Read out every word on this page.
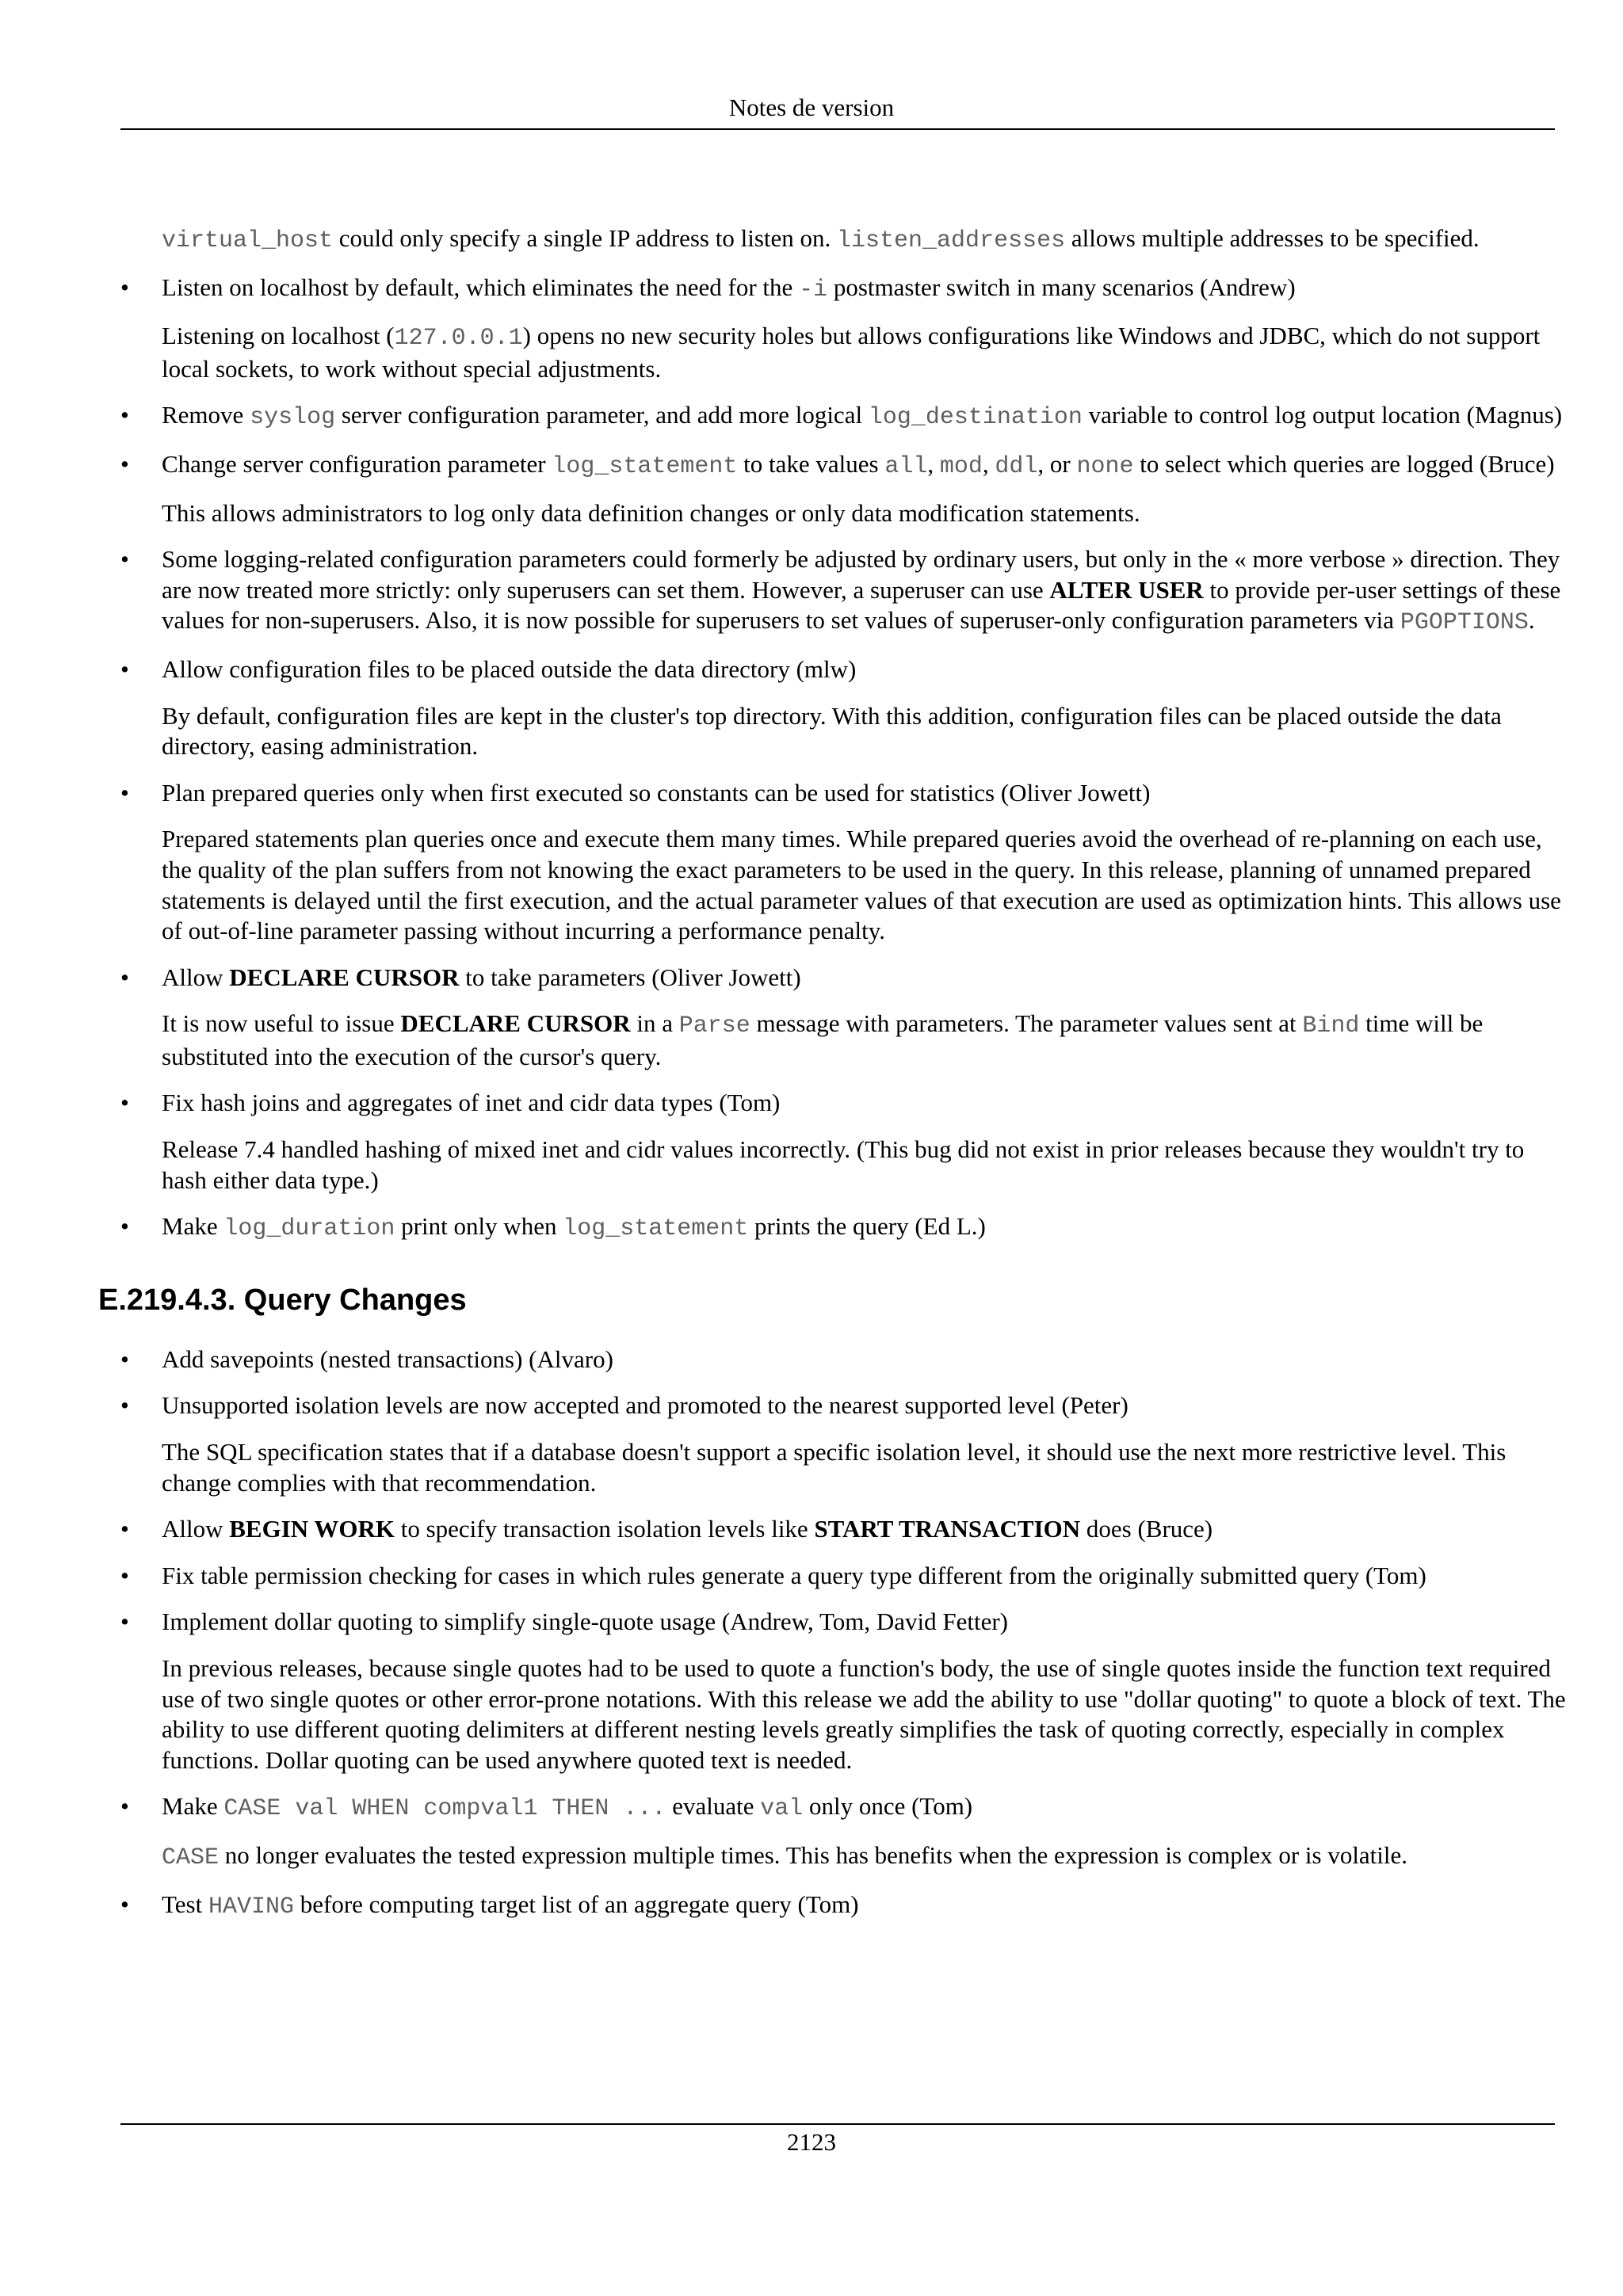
Notes de version

virtual_host could only specify a single IP address to listen on. listen_addresses allows multiple addresses to be specified.

• Listen on localhost by default, which eliminates the need for the -i postmaster switch in many scenarios (Andrew)
Listening on localhost (127.0.0.1) opens no new security holes but allows configurations like Windows and JDBC, which do not support local sockets, to work without special adjustments.
• Remove syslog server configuration parameter, and add more logical log_destination variable to control log output location (Magnus)
• Change server configuration parameter log_statement to take values all, mod, ddl, or none to select which queries are logged (Bruce)
This allows administrators to log only data definition changes or only data modification statements.
• Some logging-related configuration parameters could formerly be adjusted by ordinary users, but only in the « more verbose » direction. They are now treated more strictly: only superusers can set them. However, a superuser can use ALTER USER to provide per-user settings of these values for non-superusers. Also, it is now possible for superusers to set values of superuser-only configuration parameters via PGOPTIONS.
• Allow configuration files to be placed outside the data directory (mlw)
By default, configuration files are kept in the cluster's top directory. With this addition, configuration files can be placed outside the data directory, easing administration.
• Plan prepared queries only when first executed so constants can be used for statistics (Oliver Jowett)
Prepared statements plan queries once and execute them many times. While prepared queries avoid the overhead of re-planning on each use, the quality of the plan suffers from not knowing the exact parameters to be used in the query. In this release, planning of unnamed prepared statements is delayed until the first execution, and the actual parameter values of that execution are used as optimization hints. This allows use of out-of-line parameter passing without incurring a performance penalty.
• Allow DECLARE CURSOR to take parameters (Oliver Jowett)
It is now useful to issue DECLARE CURSOR in a Parse message with parameters. The parameter values sent at Bind time will be substituted into the execution of the cursor's query.
• Fix hash joins and aggregates of inet and cidr data types (Tom)
Release 7.4 handled hashing of mixed inet and cidr values incorrectly. (This bug did not exist in prior releases because they wouldn't try to hash either data type.)
• Make log_duration print only when log_statement prints the query (Ed L.)
E.219.4.3. Query Changes
• Add savepoints (nested transactions) (Alvaro)
• Unsupported isolation levels are now accepted and promoted to the nearest supported level (Peter)
The SQL specification states that if a database doesn't support a specific isolation level, it should use the next more restrictive level. This change complies with that recommendation.
• Allow BEGIN WORK to specify transaction isolation levels like START TRANSACTION does (Bruce)
• Fix table permission checking for cases in which rules generate a query type different from the originally submitted query (Tom)
• Implement dollar quoting to simplify single-quote usage (Andrew, Tom, David Fetter)
In previous releases, because single quotes had to be used to quote a function's body, the use of single quotes inside the function text required use of two single quotes or other error-prone notations. With this release we add the ability to use "dollar quoting" to quote a block of text. The ability to use different quoting delimiters at different nesting levels greatly simplifies the task of quoting correctly, especially in complex functions. Dollar quoting can be used anywhere quoted text is needed.
• Make CASE val WHEN compval1 THEN ... evaluate val only once (Tom)
CASE no longer evaluates the tested expression multiple times. This has benefits when the expression is complex or is volatile.
• Test HAVING before computing target list of an aggregate query (Tom)
2123
